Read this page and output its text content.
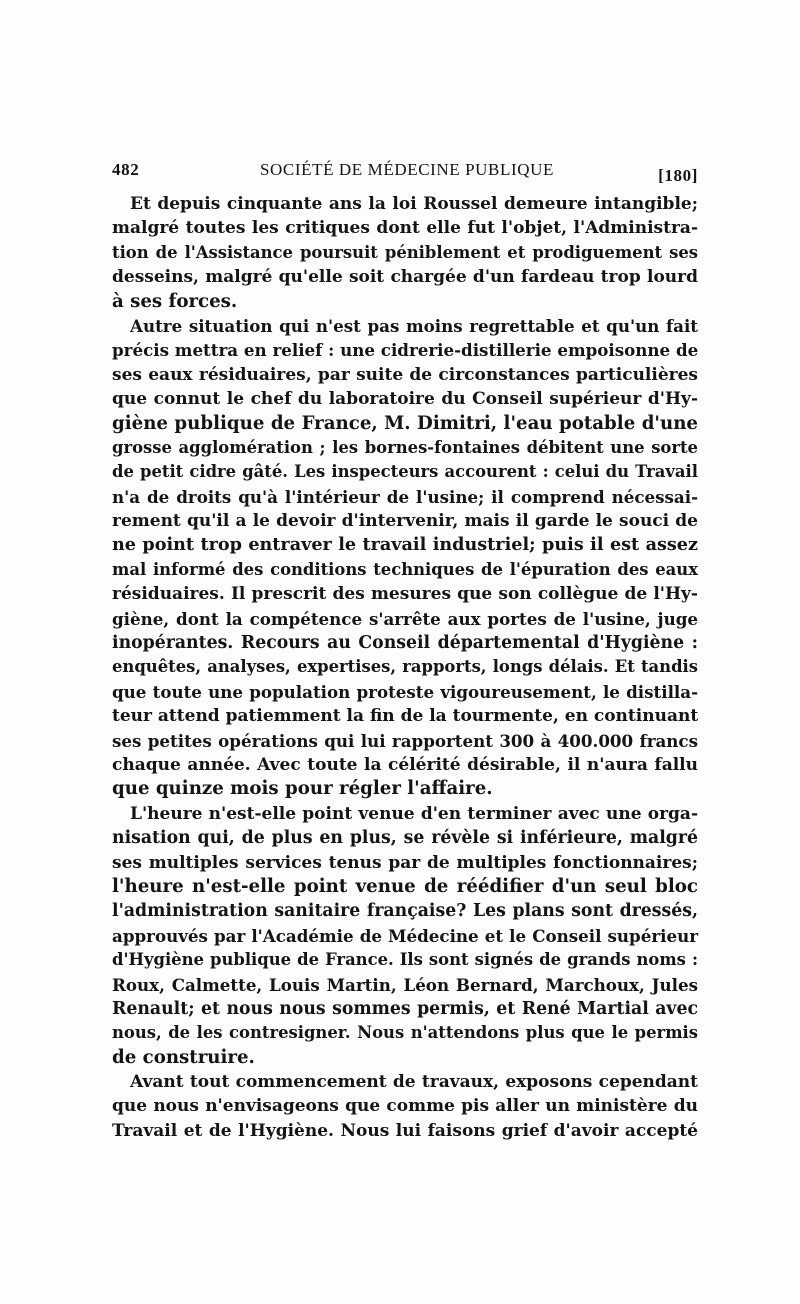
482	SOCIÉTÉ DE MÉDECINE PUBLIQUE	[180]
Et depuis cinquante ans la loi Roussel demeure intangible;
malgré toutes les critiques dont elle fut l'objet, l'Administra-
tion de l'Assistance poursuit péniblement et prodiguement ses
desseins, malgré qu'elle soit chargée d'un fardeau trop lourd
à ses forces.
Autre situation qui n'est pas moins regrettable et qu'un fait
précis mettra en relief : une cidrerie-distillerie empoisonne de
ses eaux résiduaires, par suite de circonstances particulières
que connut le chef du laboratoire du Conseil supérieur d'Hy-
giène publique de France, M. Dimitri, l'eau potable d'une
grosse agglomération ; les bornes-fontaines débitent une sorte
de petit cidre gâté. Les inspecteurs accourent : celui du Travail
n'a de droits qu'à l'intérieur de l'usine; il comprend nécessai-
rement qu'il a le devoir d'intervenir, mais il garde le souci de
ne point trop entraver le travail industriel; puis il est assez
mal informé des conditions techniques de l'épuration des eaux
résiduaires. Il prescrit des mesures que son collègue de l'Hy-
giène, dont la compétence s'arrête aux portes de l'usine, juge
inopérantes. Recours au Conseil départemental d'Hygiène :
enquêtes, analyses, expertises, rapports, longs délais. Et tandis
que toute une population proteste vigoureusement, le distilla-
teur attend patiemment la fin de la tourmente, en continuant
ses petites opérations qui lui rapportent 300 à 400.000 francs
chaque année. Avec toute la célérité désirable, il n'aura fallu
que quinze mois pour régler l'affaire.
L'heure n'est-elle point venue d'en terminer avec une orga-
nisation qui, de plus en plus, se révèle si inférieure, malgré
ses multiples services tenus par de multiples fonctionnaires;
l'heure n'est-elle point venue de réédifier d'un seul bloc
l'administration sanitaire française? Les plans sont dressés,
approuvés par l'Académie de Médecine et le Conseil supérieur
d'Hygiène publique de France. Ils sont signés de grands noms :
Roux, Calmette, Louis Martin, Léon Bernard, Marchoux, Jules
Renault; et nous nous sommes permis, et René Martial avec
nous, de les contresigner. Nous n'attendons plus que le permis
de construire.
Avant tout commencement de travaux, exposons cependant
que nous n'envisageons que comme pis aller un ministère du
Travail et de l'Hygiène. Nous lui faisons grief d'avoir accepté
